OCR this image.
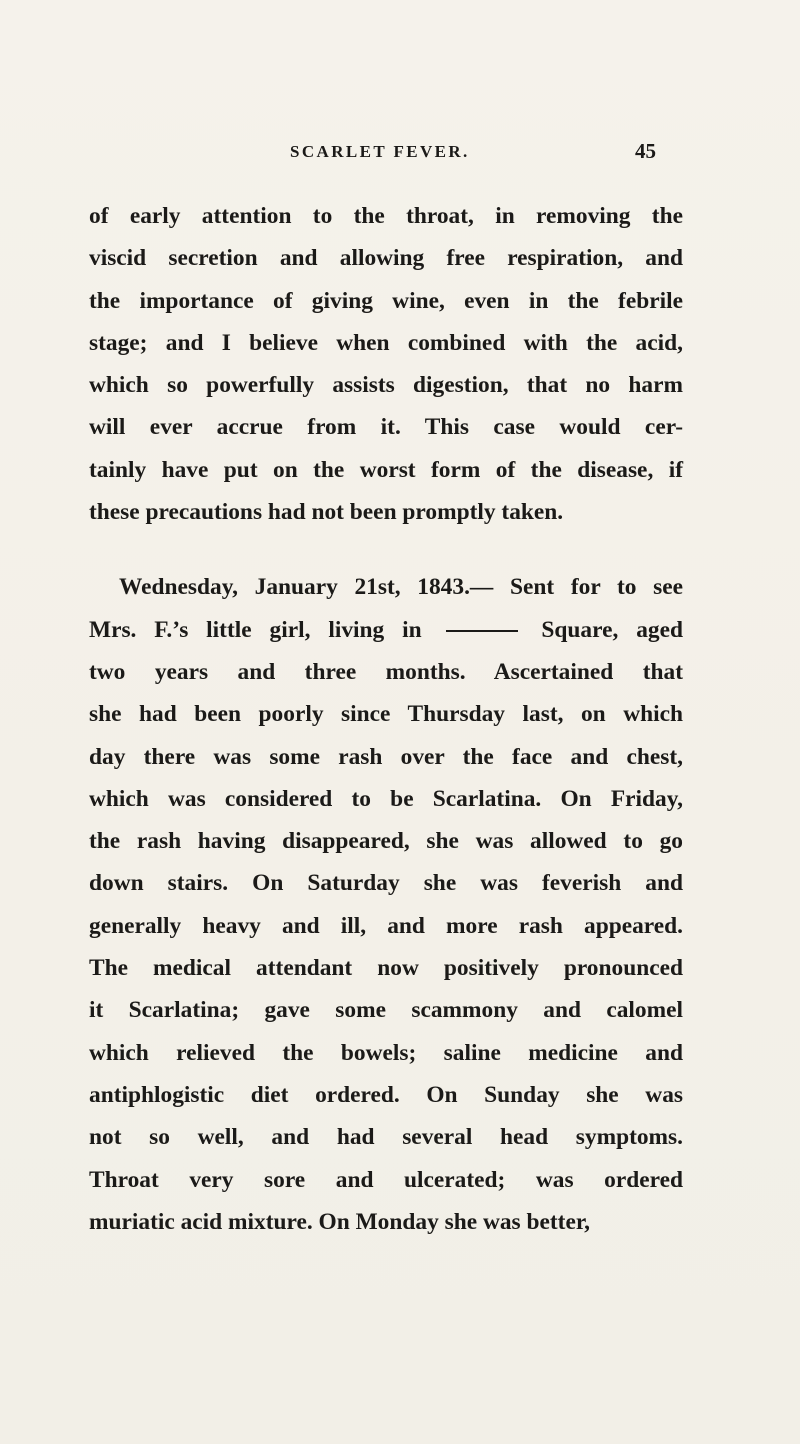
SCARLET FEVER.	45
of early attention to the throat, in removing the
viscid secretion and allowing free respiration, and
the importance of giving wine, even in the febrile
stage; and I believe when combined with the acid,
which so powerfully assists digestion, that no harm
will ever accrue from it. This case would cer-
tainly have put on the worst form of the disease, if
these precautions had not been promptly taken.
Wednesday, January 21st, 1843.— Sent for to see
Mrs. F.’s little girl, living in	Square, aged
two years and three months. Ascertained that
she had been poorly since Thursday last, on which
day there was some rash over the face and chest,
which was considered to be Scarlatina. On Friday,
the rash having disappeared, she was allowed to go
down stairs. On Saturday she was feverish and
generally heavy and ill, and more rash appeared.
The medical attendant now positively pronounced
it Scarlatina; gave some scammony and calomel
which relieved the bowels; saline medicine and
antiphlogistic diet ordered. On Sunday she was
not so well, and had several head symptoms.
Throat very sore and ulcerated; was ordered
muriatic acid mixture. On Monday she was better,
